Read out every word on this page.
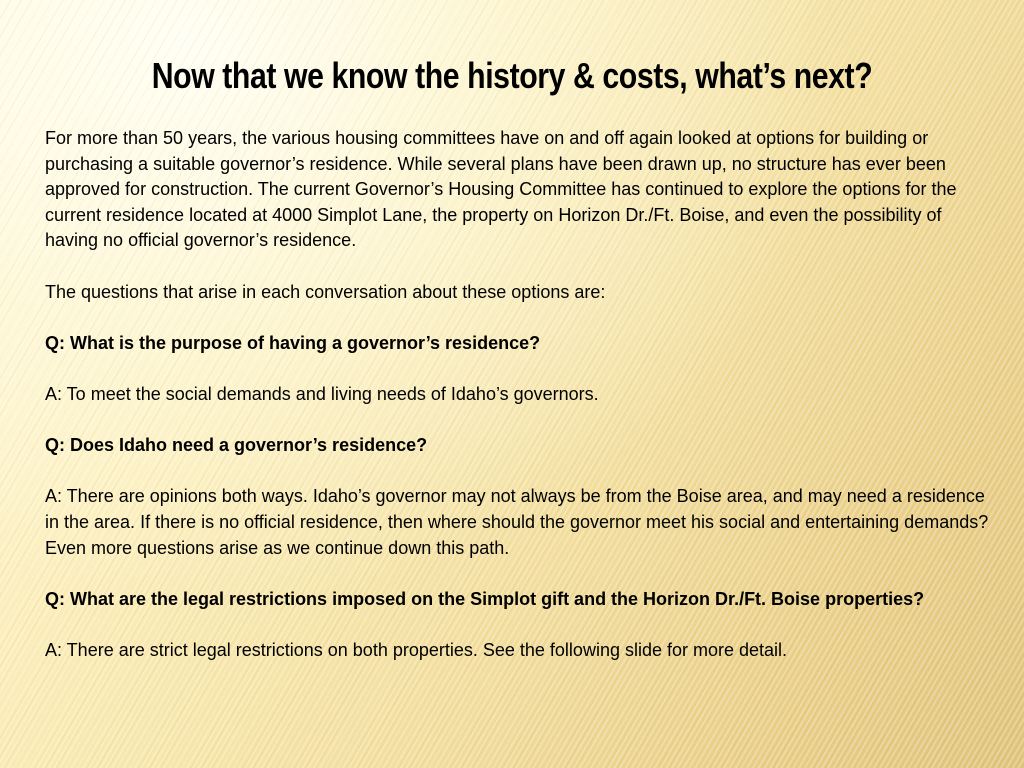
Now that we know the history & costs, what’s next?

For more than 50 years, the various housing committees have on and off again looked at options for building or purchasing a suitable governor’s residence. While several plans have been drawn up, no structure has ever been approved for construction. The current Governor’s Housing Committee has continued to explore the options for the current residence located at 4000 Simplot Lane, the property on Horizon Dr./Ft. Boise, and even the possibility of having no official governor’s residence.

The questions that arise in each conversation about these options are:

Q: What is the purpose of having a governor’s residence?

A: To meet the social demands and living needs of Idaho’s governors.

Q: Does Idaho need a governor’s residence?

A: There are opinions both ways. Idaho’s governor may not always be from the Boise area, and may need a residence in the area. If there is no official residence, then where should the governor meet his social and entertaining demands? Even more questions arise as we continue down this path.

Q: What are the legal restrictions imposed on the Simplot gift and the Horizon Dr./Ft. Boise properties?

A: There are strict legal restrictions on both properties. See the following slide for more detail.
